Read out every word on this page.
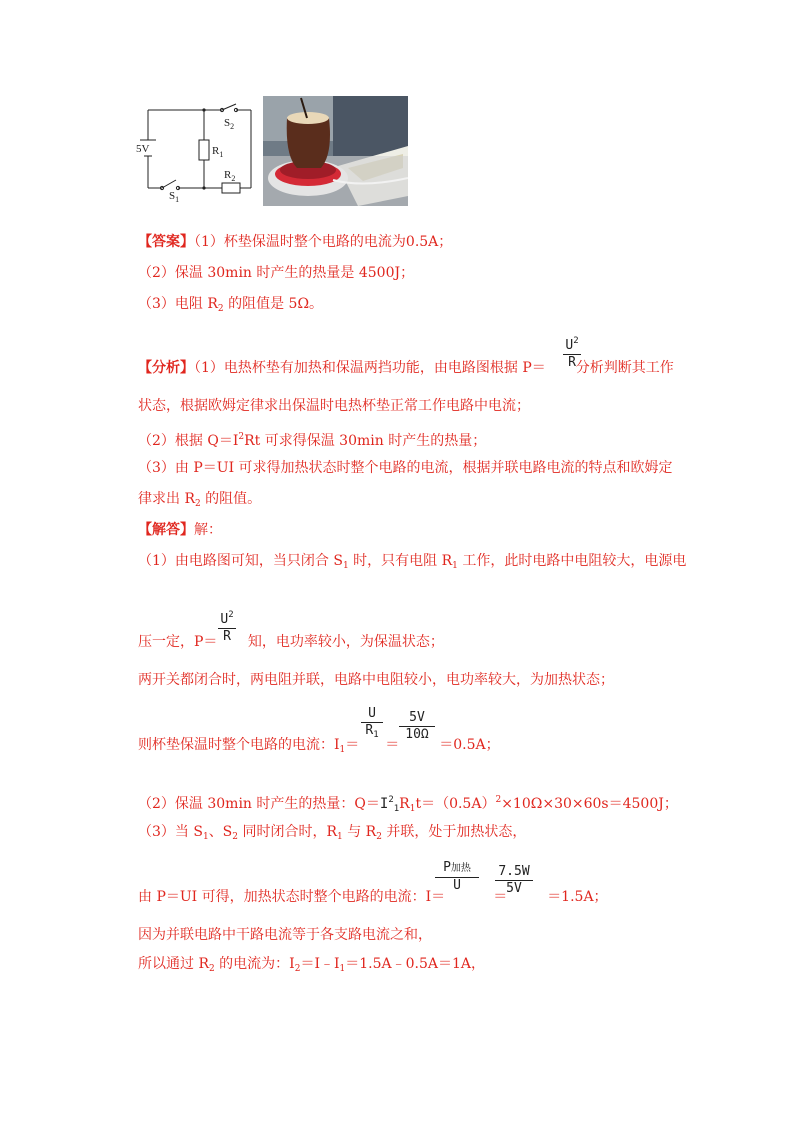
5V
$S_2$
$R_1$
$R_2$
$S_1$
【答案】（1）杯垫保温时整个电路的电流为0.5A；
（2）保温 30min 时产生的热量是 4500J；
（3）电阻 $R_2$ 的阻值是 5Ω。
【分析】（1）电热杯垫有加热和保温两挡功能，由电路图根据 P＝ 分析判断其工作
$U^2$
R
状态，根据欧姆定律求出保温时电热杯垫正常工作电路中电流；
（2）根据 $Q=I^2Rt$ 可求得保温 30min 时产生的热量；
（3）由 P＝UI 可求得加热状态时整个电路的电流，根据并联电路电流的特点和欧姆定
律求出 $R_2$ 的阻值。
【解答】解：
（1）由电路图可知，当只闭合 $S_1$ 时，只有电阻 $R_1$ 工作，此时电路中电阻较大，电源电
$U^2$
R
压一定，P＝ 知，电功率较小，为保温状态；
两开关都闭合时，两电阻并联，电路中电阻较小，电功率较大，为加热状态；
则杯垫保温时整个电路的电流：$I_1=$ ＝	＝0.5A；
U
$R_1$
5V
10Ω
（2）保温 30min 时产生的热量：$Q=I^2_1R_1t=(0.5A)^2\times 10\Omega\times 30\times 60s=4500J$；
（3）当 $S_1$、$S_2$ 同时闭合时，$R_1$ 与 $R_2$ 并联，处于加热状态，
由 P＝UI 可得，加热状态时整个电路的电流：I＝	＝	＝1.5A；
P加热
U
7.5W
5V
因为并联电路中干路电流等于各支路电流之和，
所以通过 $R_2$ 的电流为：$I_2=I﹣I_1=1.5A﹣0.5A=1A$，
